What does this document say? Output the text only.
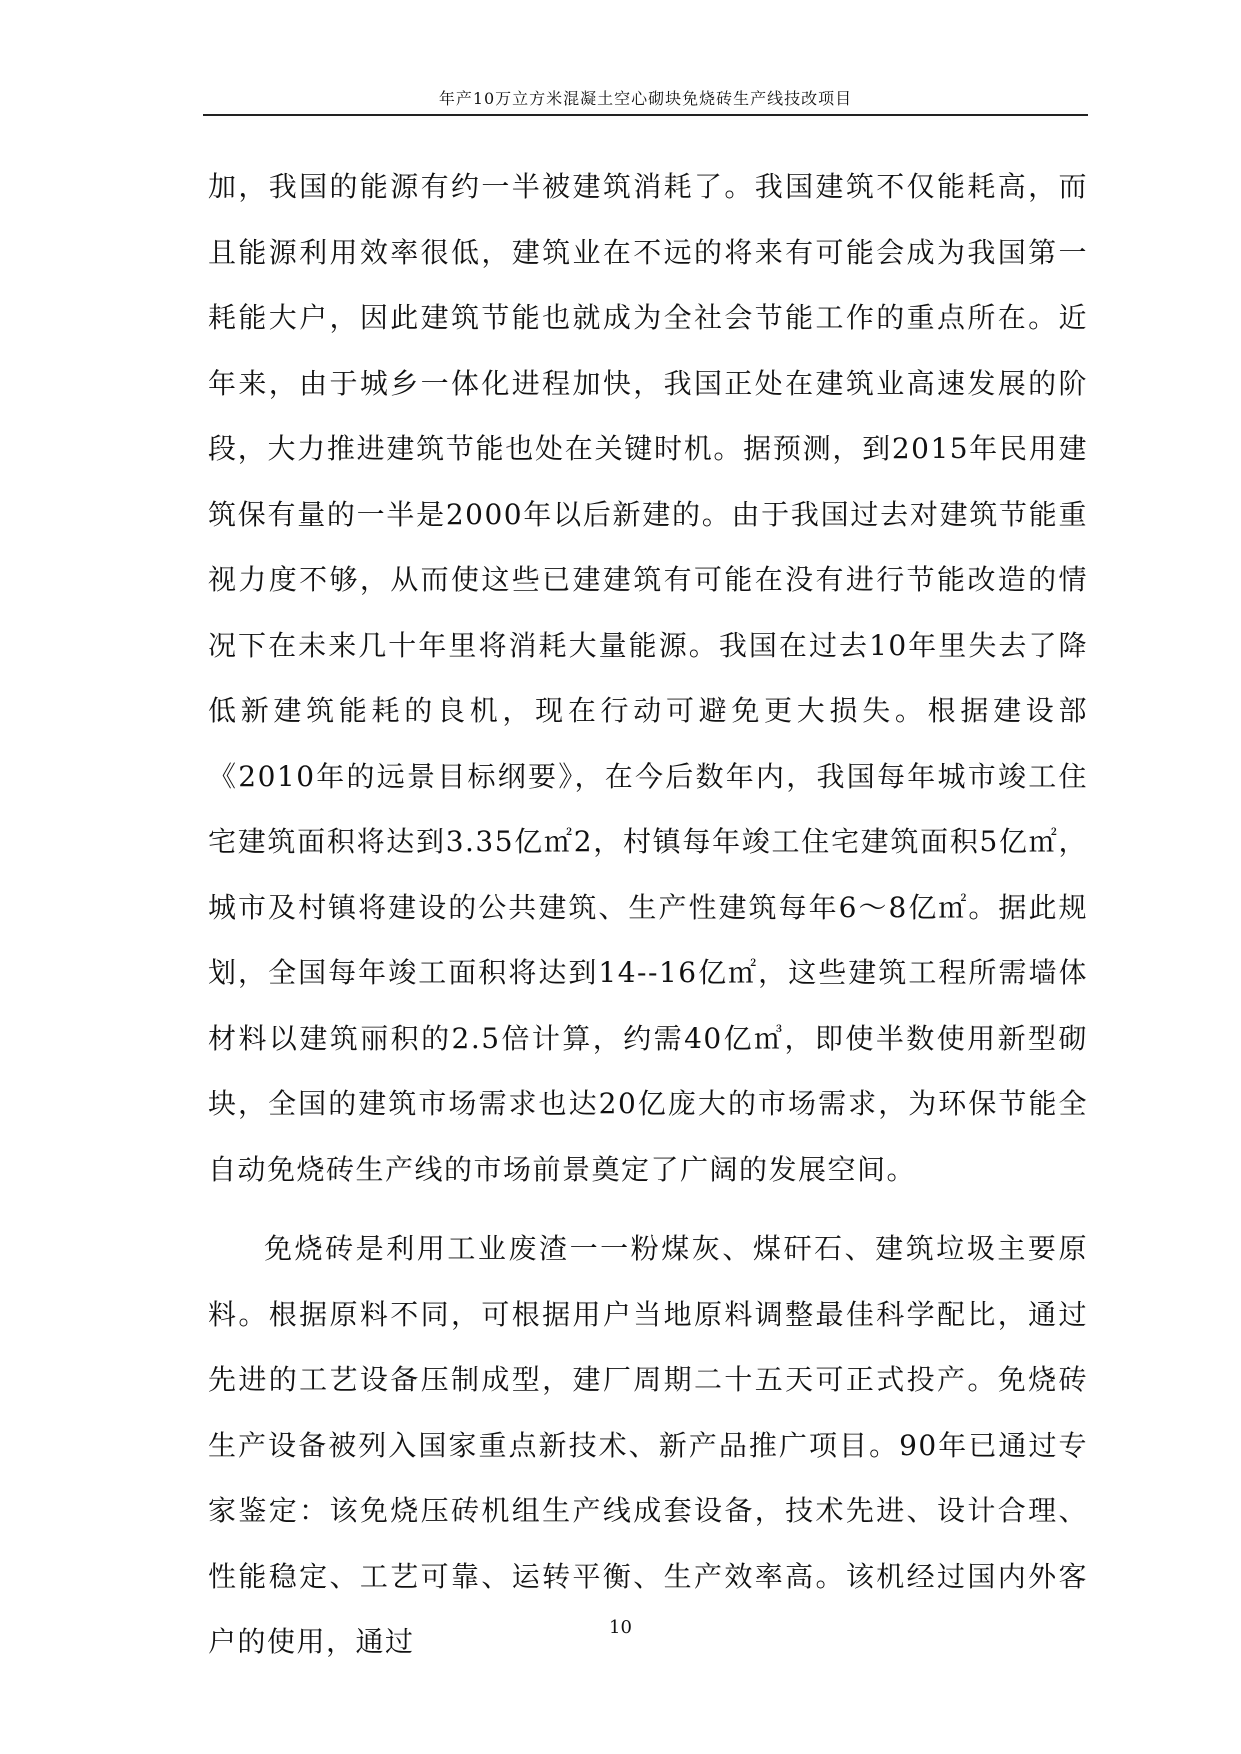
年产10万立方米混凝土空心砌块免烧砖生产线技改项目

加，我国的能源有约一半被建筑消耗了。我国建筑不仅能耗高，而且能源利用效率很低，建筑业在不远的将来有可能会成为我国第一耗能大户，因此建筑节能也就成为全社会节能工作的重点所在。近年来，由于城乡一体化进程加快，我国正处在建筑业高速发展的阶段，大力推进建筑节能也处在关键时机。据预测，到2015年民用建筑保有量的一半是2000年以后新建的。由于我国过去对建筑节能重视力度不够，从而使这些已建建筑有可能在没有进行节能改造的情况下在未来几十年里将消耗大量能源。我国在过去10年里失去了降低新建筑能耗的良机，现在行动可避免更大损失。根据建设部《2010年的远景目标纲要》，在今后数年内，我国每年城市竣工住宅建筑面积将达到3.35亿㎡2，村镇每年竣工住宅建筑面积5亿㎡，城市及村镇将建设的公共建筑、生产性建筑每年6～8亿㎡。据此规划，全国每年竣工面积将达到14--16亿㎡，这些建筑工程所需墙体材料以建筑丽积的2.5倍计算，约需40亿㎥，即使半数使用新型砌块，全国的建筑市场需求也达20亿庞大的市场需求，为环保节能全自动免烧砖生产线的市场前景奠定了广阔的发展空间。

免烧砖是利用工业废渣一一粉煤灰、煤矸石、建筑垃圾主要原料。根据原料不同，可根据用户当地原料调整最佳科学配比，通过先进的工艺设备压制成型，建厂周期二十五天可正式投产。免烧砖生产设备被列入国家重点新技术、新产品推广项目。90年已通过专家鉴定：该免烧压砖机组生产线成套设备，技术先进、设计合理、性能稳定、工艺可靠、运转平衡、生产效率高。该机经过国内外客户的使用，通过	10
